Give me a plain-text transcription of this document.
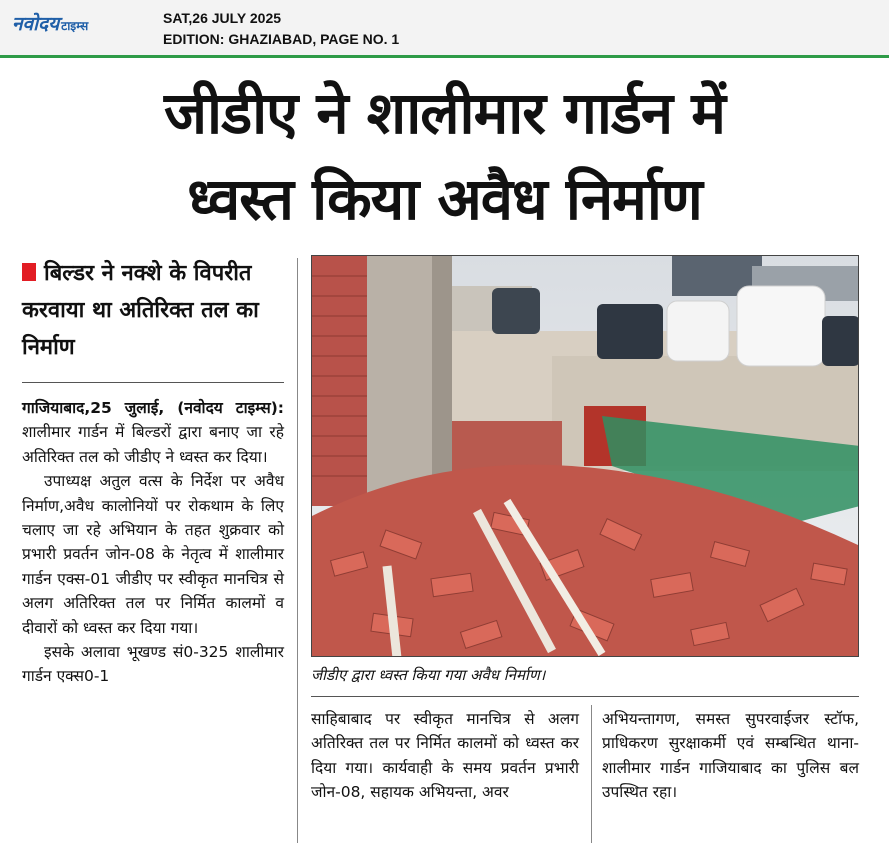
नवोदय टाइम्स	SAT,26 JULY 2025
EDITION: GHAZIABAD, PAGE NO. 1
जीडीए ने शालीमार गार्डन में
ध्वस्त किया अवैध निर्माण
बिल्डर ने नक्शे के विपरीत करवाया था अतिरिक्त तल का निर्माण

गाजियाबाद,25 जुलाई, (नवोदय टाइम्स): शालीमार गार्डन में बिल्डरों द्वारा बनाए जा रहे अतिरिक्त तल को जीडीए ने ध्वस्त कर दिया।

उपाध्यक्ष अतुल वत्स के निर्देश पर अवैध निर्माण,अवैध कालोनियों पर रोकथाम के लिए चलाए जा रहे अभियान के तहत शुक्रवार को प्रभारी प्रवर्तन जोन-08 के नेतृत्व में शालीमार गार्डन एक्स-01 जीडीए पर स्वीकृत मानचित्र से अलग अतिरिक्त तल पर निर्मित कालमों व दीवारों को ध्वस्त कर दिया गया।

इसके अलावा भूखण्ड सं0-325 शालीमार गार्डन एक्स0-1	जीडीए द्वारा ध्वस्त किया गया अवैध निर्माण।
साहिबाबाद पर स्वीकृत मानचित्र से अलग अतिरिक्त तल पर निर्मित कालमों को ध्वस्त कर दिया गया। कार्यवाही के समय प्रवर्तन प्रभारी जोन-08, सहायक अभियन्ता, अवर
अभियन्तागण, समस्त सुपरवाईजर स्टॉफ, प्राधिकरण सुरक्षाकर्मी एवं सम्बन्धित थाना-शालीमार गार्डन गाजियाबाद का पुलिस बल उपस्थित रहा।
